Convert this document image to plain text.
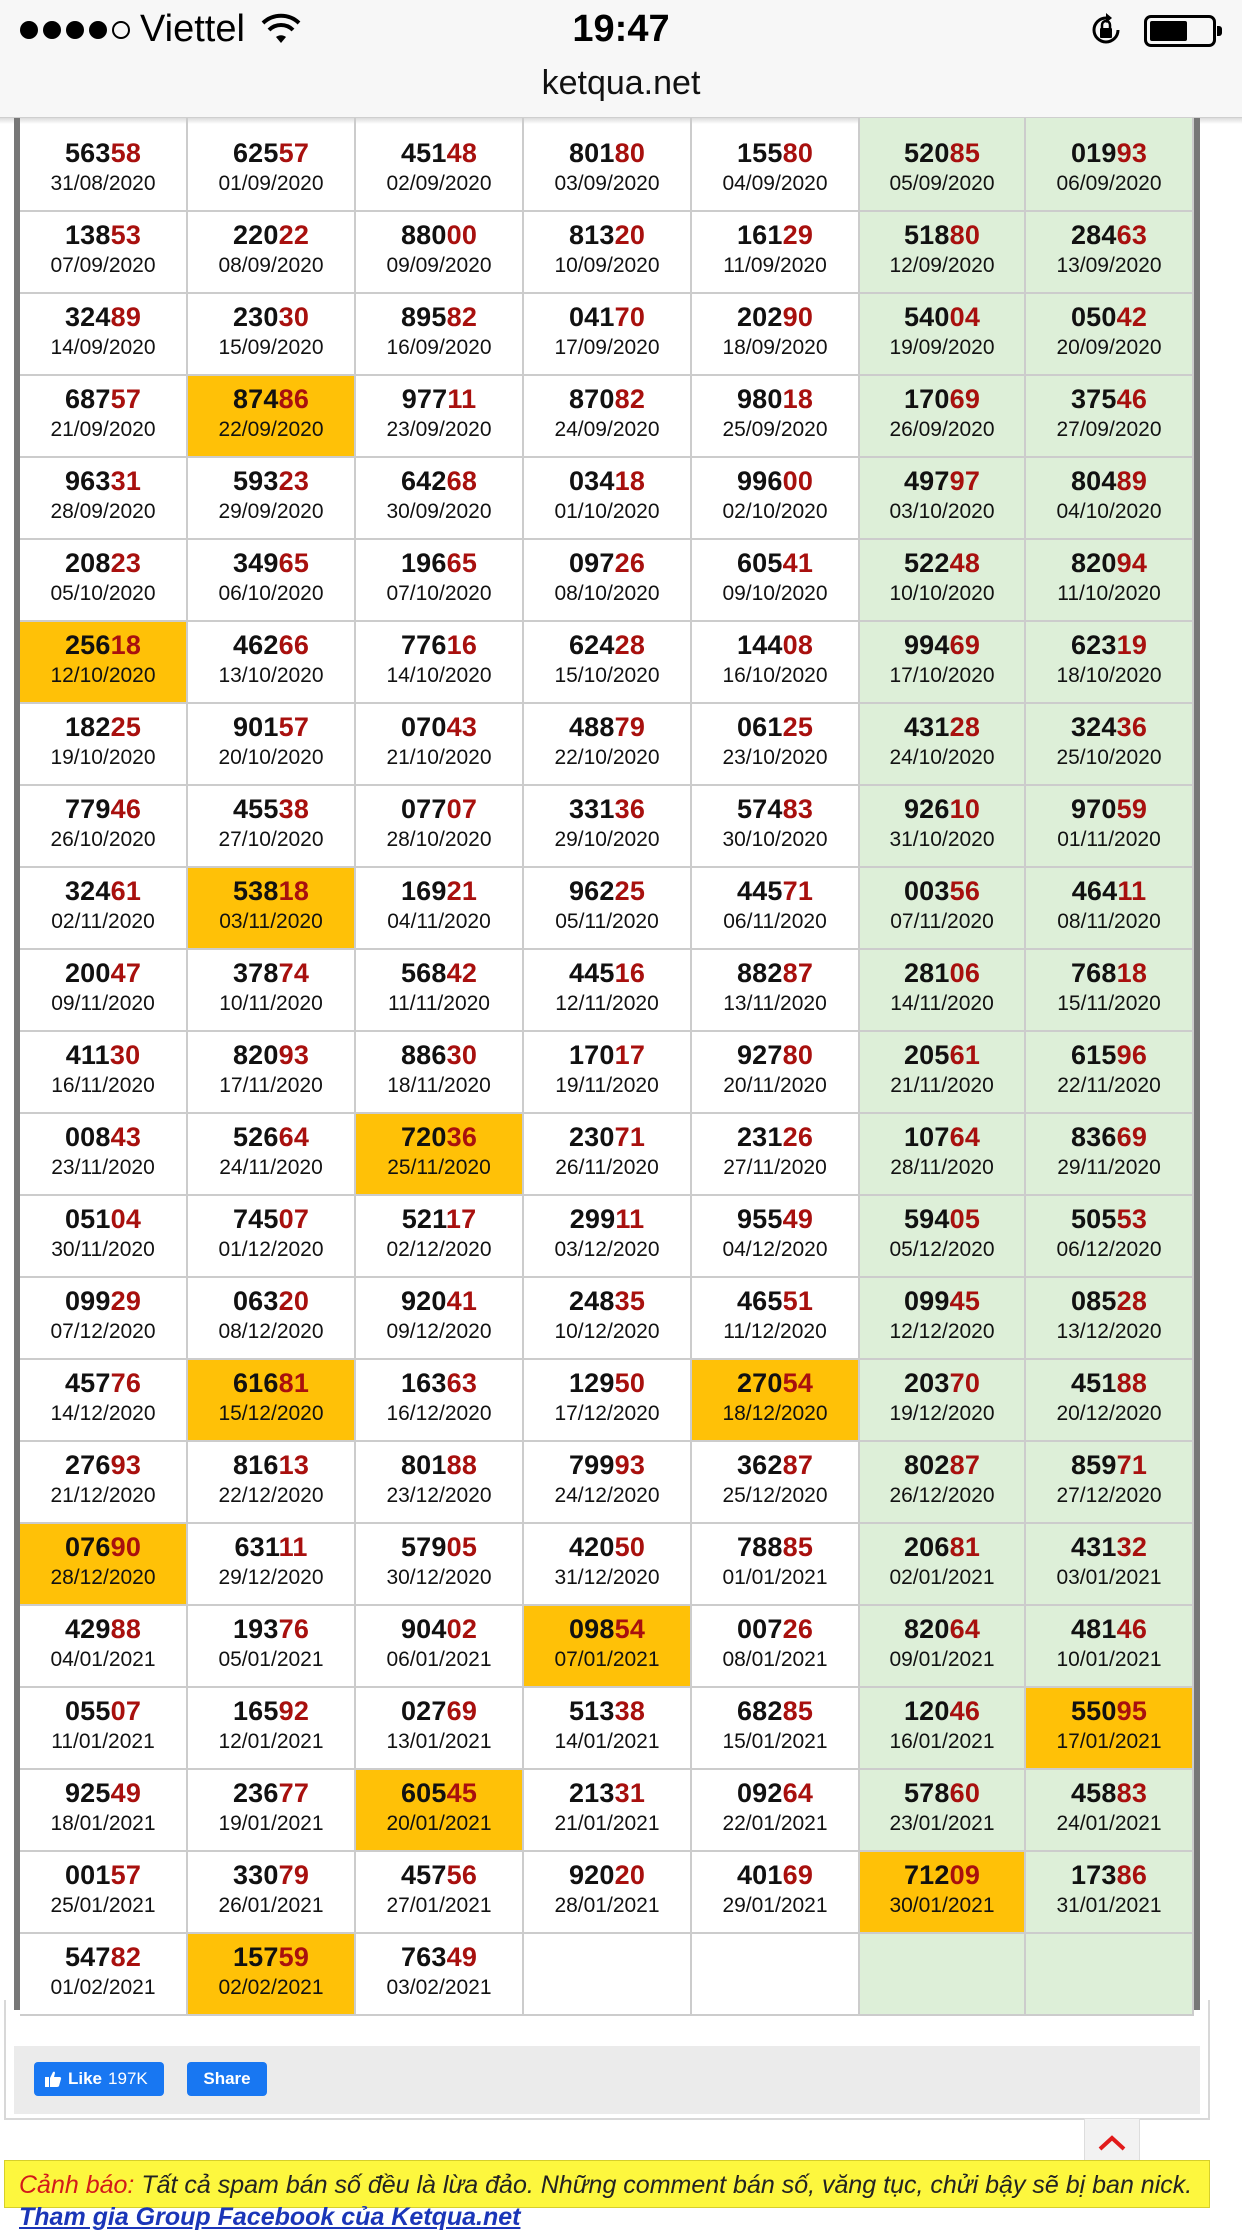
Viettel	19:47
ketqua.net
56358
31/08/2020
62557
01/09/2020
45148
02/09/2020
80180
03/09/2020
15580
04/09/2020
52085
05/09/2020
01993
06/09/2020
13853
07/09/2020
22022
08/09/2020
88000
09/09/2020
81320
10/09/2020
16129
11/09/2020
51880
12/09/2020
28463
13/09/2020
32489
14/09/2020
23030
15/09/2020
89582
16/09/2020
04170
17/09/2020
20290
18/09/2020
54004
19/09/2020
05042
20/09/2020
68757
21/09/2020
87486
22/09/2020
97711
23/09/2020
87082
24/09/2020
98018
25/09/2020
17069
26/09/2020
37546
27/09/2020
96331
28/09/2020
59323
29/09/2020
64268
30/09/2020
03418
01/10/2020
99600
02/10/2020
49797
03/10/2020
80489
04/10/2020
20823
05/10/2020
34965
06/10/2020
19665
07/10/2020
09726
08/10/2020
60541
09/10/2020
52248
10/10/2020
82094
11/10/2020
25618
12/10/2020
46266
13/10/2020
77616
14/10/2020
62428
15/10/2020
14408
16/10/2020
99469
17/10/2020
62319
18/10/2020
18225
19/10/2020
90157
20/10/2020
07043
21/10/2020
48879
22/10/2020
06125
23/10/2020
43128
24/10/2020
32436
25/10/2020
77946
26/10/2020
45538
27/10/2020
07707
28/10/2020
33136
29/10/2020
57483
30/10/2020
92610
31/10/2020
97059
01/11/2020
32461
02/11/2020
53818
03/11/2020
16921
04/11/2020
96225
05/11/2020
44571
06/11/2020
00356
07/11/2020
46411
08/11/2020
20047
09/11/2020
37874
10/11/2020
56842
11/11/2020
44516
12/11/2020
88287
13/11/2020
28106
14/11/2020
76818
15/11/2020
41130
16/11/2020
82093
17/11/2020
88630
18/11/2020
17017
19/11/2020
92780
20/11/2020
20561
21/11/2020
61596
22/11/2020
00843
23/11/2020
52664
24/11/2020
72036
25/11/2020
23071
26/11/2020
23126
27/11/2020
10764
28/11/2020
83669
29/11/2020
05104
30/11/2020
74507
01/12/2020
52117
02/12/2020
29911
03/12/2020
95549
04/12/2020
59405
05/12/2020
50553
06/12/2020
09929
07/12/2020
06320
08/12/2020
92041
09/12/2020
24835
10/12/2020
46551
11/12/2020
09945
12/12/2020
08528
13/12/2020
45776
14/12/2020
61681
15/12/2020
16363
16/12/2020
12950
17/12/2020
27054
18/12/2020
20370
19/12/2020
45188
20/12/2020
27693
21/12/2020
81613
22/12/2020
80188
23/12/2020
79993
24/12/2020
36287
25/12/2020
80287
26/12/2020
85971
27/12/2020
07690
28/12/2020
63111
29/12/2020
57905
30/12/2020
42050
31/12/2020
78885
01/01/2021
20681
02/01/2021
43132
03/01/2021
42988
04/01/2021
19376
05/01/2021
90402
06/01/2021
09854
07/01/2021
00726
08/01/2021
82064
09/01/2021
48146
10/01/2021
05507
11/01/2021
16592
12/01/2021
02769
13/01/2021
51338
14/01/2021
68285
15/01/2021
12046
16/01/2021
55095
17/01/2021
92549
18/01/2021
23677
19/01/2021
60545
20/01/2021
21331
21/01/2021
09264
22/01/2021
57860
23/01/2021
45883
24/01/2021
00157
25/01/2021
33079
26/01/2021
45756
27/01/2021
92020
28/01/2021
40169
29/01/2021
71209
30/01/2021
17386
31/01/2021
54782
01/02/2021
15759
02/02/2021
76349
03/02/2021
Like 197K	Share
Cảnh báo: Tất cả spam bán số đều là lừa đảo. Những comment bán số, văng tục, chửi bậy sẽ bị ban nick.
Tham gia Group Facebook của Ketqua.net
